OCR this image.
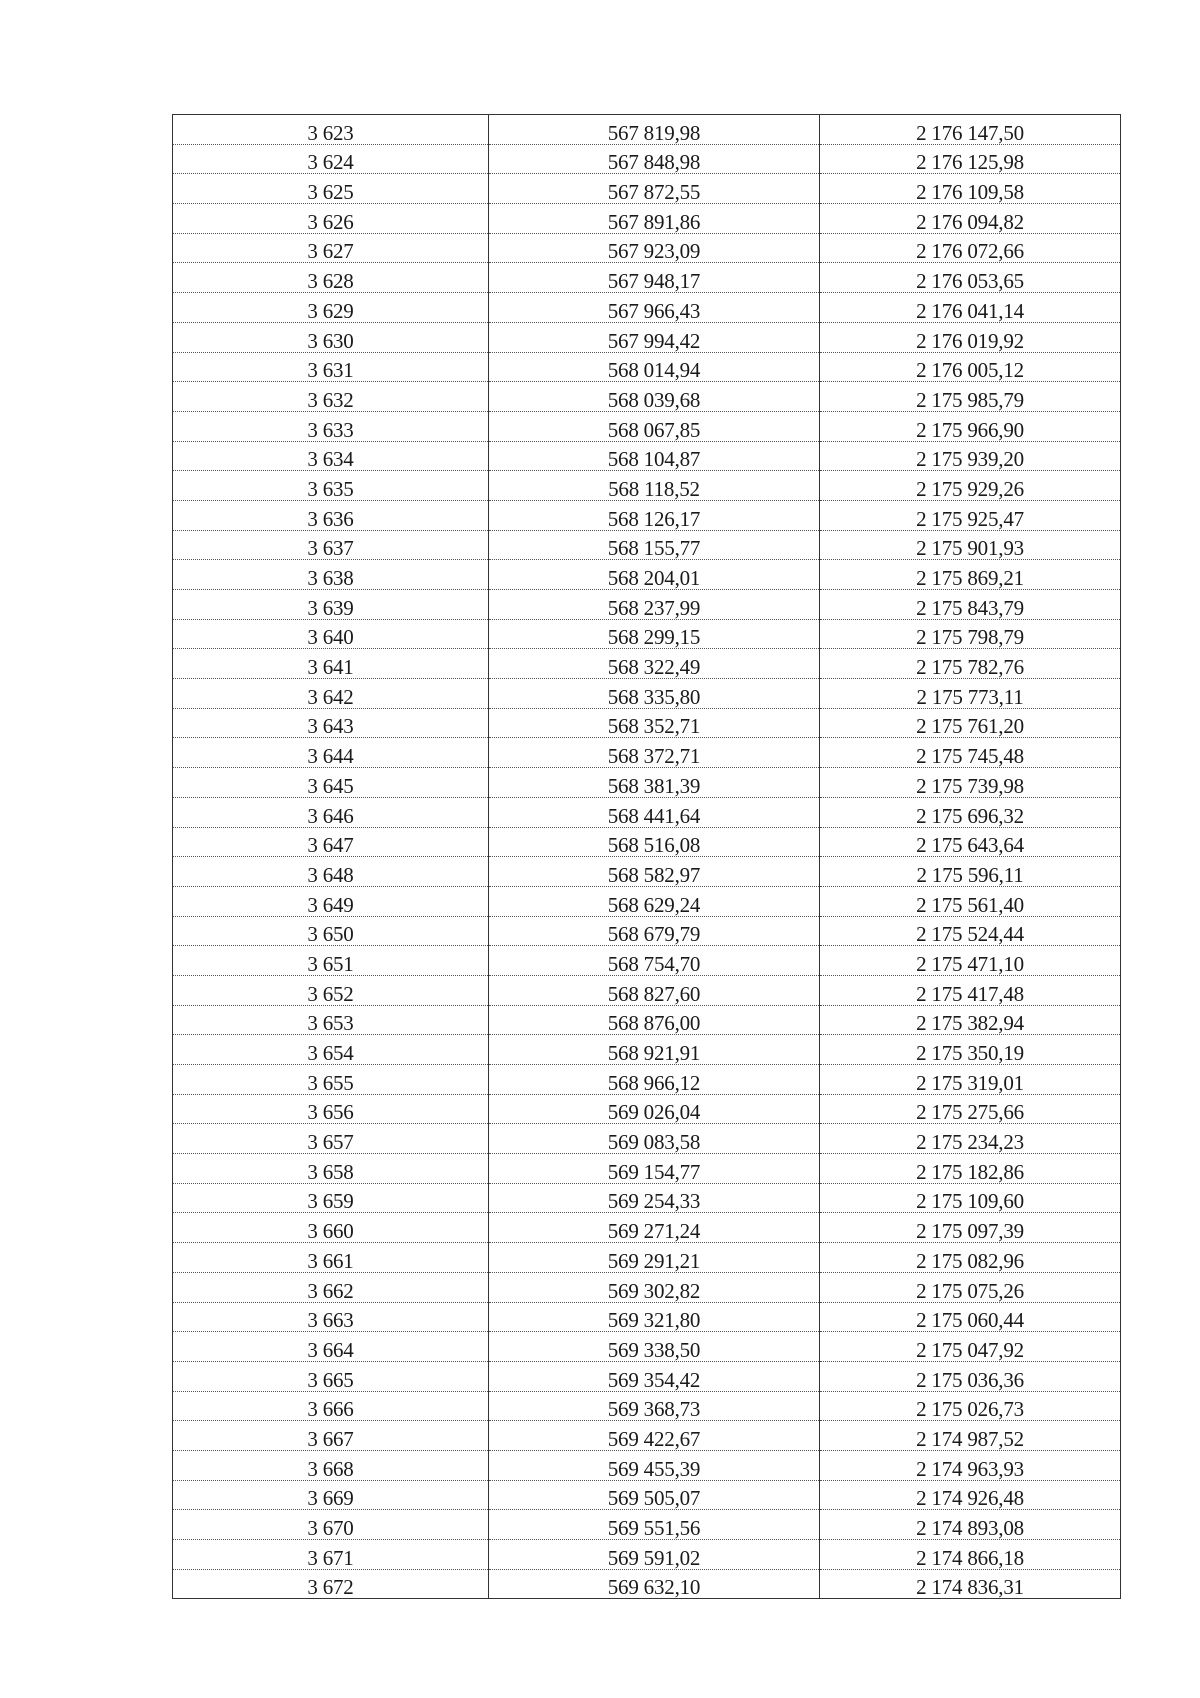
3 623	567 819,98	2 176 147,50
3 624	567 848,98	2 176 125,98
3 625	567 872,55	2 176 109,58
3 626	567 891,86	2 176 094,82
3 627	567 923,09	2 176 072,66
3 628	567 948,17	2 176 053,65
3 629	567 966,43	2 176 041,14
3 630	567 994,42	2 176 019,92
3 631	568 014,94	2 176 005,12
3 632	568 039,68	2 175 985,79
3 633	568 067,85	2 175 966,90
3 634	568 104,87	2 175 939,20
3 635	568 118,52	2 175 929,26
3 636	568 126,17	2 175 925,47
3 637	568 155,77	2 175 901,93
3 638	568 204,01	2 175 869,21
3 639	568 237,99	2 175 843,79
3 640	568 299,15	2 175 798,79
3 641	568 322,49	2 175 782,76
3 642	568 335,80	2 175 773,11
3 643	568 352,71	2 175 761,20
3 644	568 372,71	2 175 745,48
3 645	568 381,39	2 175 739,98
3 646	568 441,64	2 175 696,32
3 647	568 516,08	2 175 643,64
3 648	568 582,97	2 175 596,11
3 649	568 629,24	2 175 561,40
3 650	568 679,79	2 175 524,44
3 651	568 754,70	2 175 471,10
3 652	568 827,60	2 175 417,48
3 653	568 876,00	2 175 382,94
3 654	568 921,91	2 175 350,19
3 655	568 966,12	2 175 319,01
3 656	569 026,04	2 175 275,66
3 657	569 083,58	2 175 234,23
3 658	569 154,77	2 175 182,86
3 659	569 254,33	2 175 109,60
3 660	569 271,24	2 175 097,39
3 661	569 291,21	2 175 082,96
3 662	569 302,82	2 175 075,26
3 663	569 321,80	2 175 060,44
3 664	569 338,50	2 175 047,92
3 665	569 354,42	2 175 036,36
3 666	569 368,73	2 175 026,73
3 667	569 422,67	2 174 987,52
3 668	569 455,39	2 174 963,93
3 669	569 505,07	2 174 926,48
3 670	569 551,56	2 174 893,08
3 671	569 591,02	2 174 866,18
3 672	569 632,10	2 174 836,31
